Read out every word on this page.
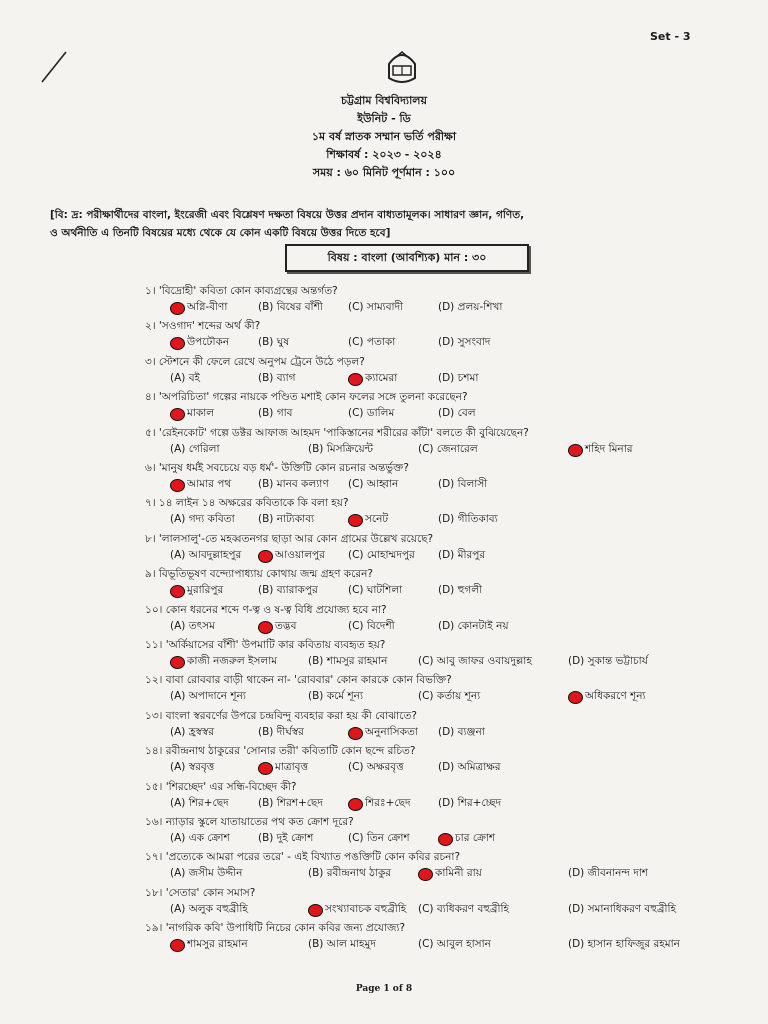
Set - 3
চট্টগ্রাম বিশ্ববিদ্যালয়
ইউনিট - ডি
১ম বর্ষ স্নাতক সম্মান ভর্তি পরীক্ষা
শিক্ষাবর্ষ : ২০২৩ - ২০২৪
সময় : ৬০ মিনিট পূর্ণমান : ১০০
[বি: দ্র: পরীক্ষার্থীদের বাংলা, ইংরেজী এবং বিশ্লেষণ দক্ষতা বিষয়ে উত্তর প্রদান বাধ্যতামূলক। সাধারণ জ্ঞান, গণিত,
ও অর্থনীতি এ তিনটি বিষয়ের মধ্যে থেকে যে কোন একটি বিষয়ে উত্তর দিতে হবে]
বিষয় : বাংলা (আবশ্যিক) মান : ৩০
১। 'বিদ্রোহী' কবিতা কোন কাব্যগ্রন্থের অন্তর্গত?
অগ্নি-বীণা	(B) বিষের বাঁশী (C) সাম্যবাদী	(D) প্রলয়-শিখা
২। 'সওগাদ' শব্দের অর্থ কী?
উপঢৌকন	(B) ঘুষ	(C) পতাকা	(D) সুসংবাদ
৩। স্টেশনে কী ফেলে রেখে অনুপম ট্রেনে উঠে পড়ল?
(A) বই	(B) ব্যাগ	ক্যামেরা	(D) চশমা
৪। 'অপরিচিতা' গল্পের নায়কে পণ্ডিত মশাই কোন ফলের সঙ্গে তুলনা করেছেন?
মাকাল	(B) গাব	(C) ডালিম	(D) বেল
৫। 'রেইনকোট' গল্পে ডক্টর আফাজ আহমদ 'পাকিস্তানের শরীরের কাঁটা' বলতে কী বুঝিয়েছেন?
(A) গেরিলা	(B) মিসক্রিয়েন্ট	(C) জেনারেল	শহিদ মিনার
৬। 'মানুষ ধর্মই সবচেয়ে বড় ধর্ম'- উক্তিটি কোন রচনার অন্তর্ভুক্ত?
আমার পথ	(B) মানব কল্যাণ (C) আহ্বান	(D) বিলাসী
৭। ১৪ লাইন ১৪ অক্ষরের কবিতাকে কি বলা হয়?
(A) গদ্য কবিতা (B) নাট্যকাব্য	সনেট	(D) গীতিকাব্য
৮। 'লালসালু'-তে মহব্বতনগর ছাড়া আর কোন গ্রামের উল্লেখ রয়েছে?
(A) আবদুল্লাহপুর	আওয়ালপুর (C) মোহাম্মদপুর (D) মীরপুর
৯। বিভূতিভূষণ বন্দ্যোপাধ্যায় কোথায় জন্ম গ্রহণ করেন?
মুরারিপুর	(B) ব্যারাকপুর	(C) ঘাটশিলা	(D) হুগলী
১০। কোন ধরনের শব্দে ণ-ত্ব ও ষ-ত্ব বিধি প্রযোজ্য হবে না?
(A) তৎসম	তদ্ভব	(C) বিদেশী	(D) কোনটাই নয়
১১। 'অর্কিয়াসের বাঁশী' উপমাটি কার কবিতায় ব্যবহৃত হয়?
কাজী নজরুল ইসলাম	(B) শামসুর রাহমান	(C) আবু জাফর ওবায়দুল্লাহ	(D) সুকান্ত ভট্টাচার্য
১২। বাবা রোববার বাড়ী থাকেন না- 'রোববার' কোন কারকে কোন বিভক্তি?
(A) অপাদানে শূন্য	(B) কর্মে শূন্য	(C) কর্তায় শূন্য	অধিকরণে শূন্য
১৩। বাংলা স্বরবর্ণের উপরে চন্দ্রবিন্দু ব্যবহার করা হয় কী বোঝাতে?
(A) হ্রস্বস্বর	(B) দীর্ঘস্বর	অনুনাসিকতা (D) ব্যঞ্জনা
১৪। রবীন্দ্রনাথ ঠাকুরের 'সোনার তরী' কবিতাটি কোন ছন্দে রচিত?
(A) স্বরবৃত্ত	মাত্রাবৃত্ত	(C) অক্ষরবৃত্ত	(D) অমিত্রাক্ষর
১৫। 'শিরচ্ছেদ' এর সন্ধি-বিচ্ছেদ কী?
(A) শির+ছেদ	(B) শিরশ+ছেদ	শিরঃ+ছেদ	(D) শির+চ্ছেদ
১৬। ন্যাড়ার স্কুলে যাতায়াতের পথ কত ক্রোশ দূরে?
(A) এক ক্রোশ	(B) দুই ক্রোশ	(C) তিন ক্রোশ	চার ক্রোশ
১৭। 'প্রত্যেকে আমরা পরের তরে' - এই বিখ্যাত পঙক্তিটি কোন কবির রচনা?
(A) জসীম উদ্দীন	(B) রবীন্দ্রনাথ ঠাকুর	কামিনী রায়	(D) জীবনানন্দ দাশ
১৮। 'সেতার' কোন সমাস?
(A) অলুক বহুব্রীহি	সংখ্যাবাচক বহুব্রীহি (C) ব্যধিকরণ বহুব্রীহি	(D) সমানাধিকরণ বহুব্রীহি
১৯। 'নাগরিক কবি' উপাধিটি নিচের কোন কবির জন্য প্রযোজ্য?
শামসুর রাহমান	(B) আল মাহমুদ	(C) আবুল হাসান	(D) হাসান হাফিজুর রহমান
Page 1 of 8
